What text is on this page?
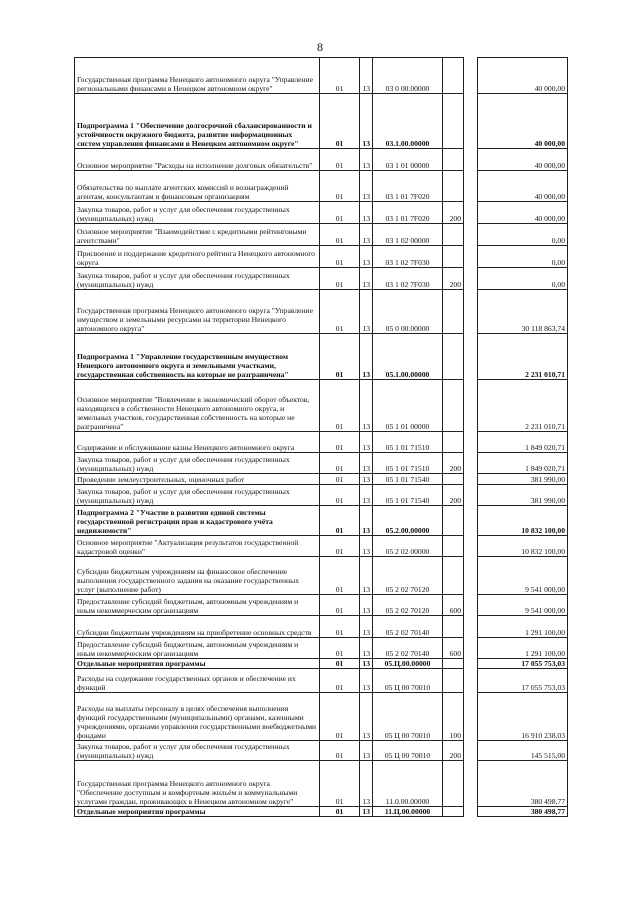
8
Государственная программа Ненецкого автономного округа "Управление региональными финансами в Ненецком автономном округе"	01	13	03 0 00.00000			40 000,00
Подпрограмма 1 "Обеспечение долгосрочной сбалансированности и устойчивости окружного бюджета, развитие информационных систем управления финансами в Ненецком автономном округе"	01	13	03.1.00.00000			40 000,00
Основное мероприятие "Расходы на исполнение долговых обязательств"	01	13	03 1 01 00000			40 000,00
Обязательства по выплате агентских комиссий и вознаграждений агентам, консультантам и финансовым организациям	01	13	03 1 01 7F020			40 000,00
Закупка товаров, работ и услуг для обеспечения государственных (муниципальных) нужд	01	13	03 1 01 7F020	200		40 000,00
Основное мероприятие "Взаимодействие с кредитными рейтинговыми агентствами"	01	13	03 1 02 00000			0,00
Присвоение и поддержание кредитного рейтинга Ненецкого автономного округа	01	13	03 1 02 7F030			0,00
Закупка товаров, работ и услуг для обеспечения государственных (муниципальных) нужд	01	13	03 1 02 7F030	200		0,00
Государственная программа Ненецкого автономного округа "Управление имуществом и земельными ресурсами на территории Ненецкого автономного округа"	01	13	05 0 00.00000			30 118 863,74
Подпрограмма 1 "Управление государственным имуществом Ненецкого автономного округа и земельными участками, государственная собственность на которые не разграничена"	01	13	05.1.00.00000			2 231 010,71
Основное мероприятие "Вовлечение в экономический оборот объектов, находящихся в собственности Ненецкого автономного округа, и земельных участков, государственная собственность на которые не разграничена"	01	13	05 1 01 00000			2 231 010,71
Содержание и обслуживание казны Ненецкого автономного округа	01	13	05 1 01 71510			1 849 020,71
Закупка товаров, работ и услуг для обеспечения государственных (муниципальных) нужд	01	13	05 1 01 71510	200		1 849 020,71
Проведение землеустроительных, оценочных работ	01	13	05 1 01 71540			381 990,00
Закупка товаров, работ и услуг для обеспечения государственных (муниципальных) нужд	01	13	05 1 01 71540	200		381 990,00
Подпрограмма 2 "Участие в развитии единой системы государственной регистрации прав и кадастрового учёта недвижимости"	01	13	05.2.00.00000			10 832 100,00
Основное мероприятие "Актуализация результатов государственной кадастровой оценки"	01	13	05 2 02 00000			10 832 100,00
Субсидии бюджетным учреждениям на финансовое обеспечение выполнения государственного задания на оказание государственных услуг (выполнение работ)	01	13	05 2 02 70120			9 541 000,00
Предоставление субсидий бюджетным, автономным учреждениям и иным некоммерческим организациям	01	13	05 2 02 70120	600		9 541 000,00
Субсидии бюджетным учреждениям на приобретение основных средств	01	13	05 2 02 70140			1 291 100,00
Предоставление субсидий бюджетным, автономным учреждениям и иным некоммерческим организациям	01	13	05 2 02 70140	600		1 291 100,00
Отдельные мероприятия программы	01	13	05.Ц.00.00000			17 055 753,03
Расходы на содержание государственных органов и обеспечение их функций	01	13	05 Ц 00 70010			17 055 753,03
Расходы на выплаты персоналу в целях обеспечения выполнения функций государственными (муниципальными) органами, казенными учреждениями, органами управления государственными внебюджетными фондами	01	13	05 Ц 00 70010	100		16 910 238,03
Закупка товаров, работ и услуг для обеспечения государственных (муниципальных) нужд	01	13	05 Ц 00 70010	200		145 515,00
Государственная программа Ненецкого автономного округа "Обеспечение доступным и комфортным жильём и коммунальными услугами граждан, проживающих в Ненецком автономном округе"	01	13	11.0.00.00000			380 498,77
Отдельные мероприятия программы	01	13	11.Ц.00.00000			380 498,77
